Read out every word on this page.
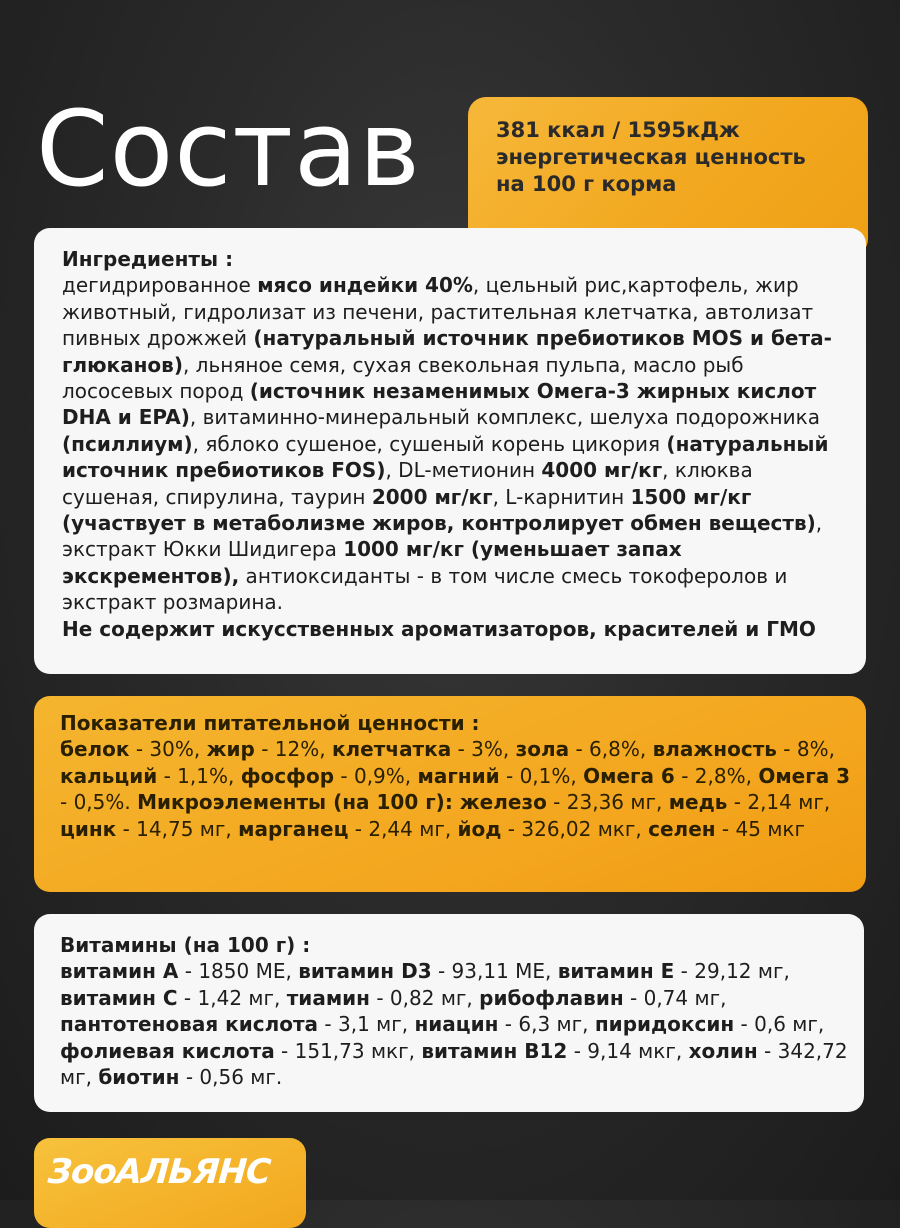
Состав	381 ккал / 1595кДж
энергетическая ценность
на 100 г корма

Ингредиенты :

дегидрированное мясо индейки 40%, цельный рис,картофель, жир животный, гидролизат из печени, растительная клетчатка, автолизат пивных дрожжей (натуральный источник пребиотиков MOS и бета-глюканов), льняное семя, сухая свекольная пульпа, масло рыб лососевых пород (источник незаменимых Омега-3 жирных кислот DHA и EPA), витаминно-минеральный комплекс, шелуха подорожника (псиллиум), яблоко сушеное, сушеный корень цикория (натуральный источник пребиотиков FOS), DL-метионин 4000 мг/кг, клюква сушеная, спирулина, таурин 2000 мг/кг, L-карнитин 1500 мг/кг (участвует в метаболизме жиров, контролирует обмен веществ), экстракт Юкки Шидигера 1000 мг/кг (уменьшает запах экскрементов), антиоксиданты - в том числе смесь токоферолов и экстракт розмарина.

Не содержит искусственных ароматизаторов, красителей и ГМО

Показатели питательной ценности :

белок - 30%, жир - 12%, клетчатка - 3%, зола - 6,8%, влажность - 8%, кальций - 1,1%, фосфор - 0,9%, магний - 0,1%, Омега 6 - 2,8%, Омега 3 - 0,5%. Микроэлементы (на 100 г): железо - 23,36 мг, медь - 2,14 мг, цинк - 14,75 мг, марганец - 2,44 мг, йод - 326,02 мкг, селен - 45 мкг

Витамины (на 100 г) :

витамин А - 1850 МЕ, витамин D3 - 93,11 МЕ, витамин Е - 29,12 мг, витамин С - 1,42 мг, тиамин - 0,82 мг, рибофлавин - 0,74 мг, пантотеновая кислота - 3,1 мг, ниацин - 6,3 мг, пиридоксин - 0,6 мг, фолиевая кислота - 151,73 мкг, витамин В12 - 9,14 мкг, холин - 342,72 мг, биотин - 0,56 мг.

ЗооАЛЬЯНС
